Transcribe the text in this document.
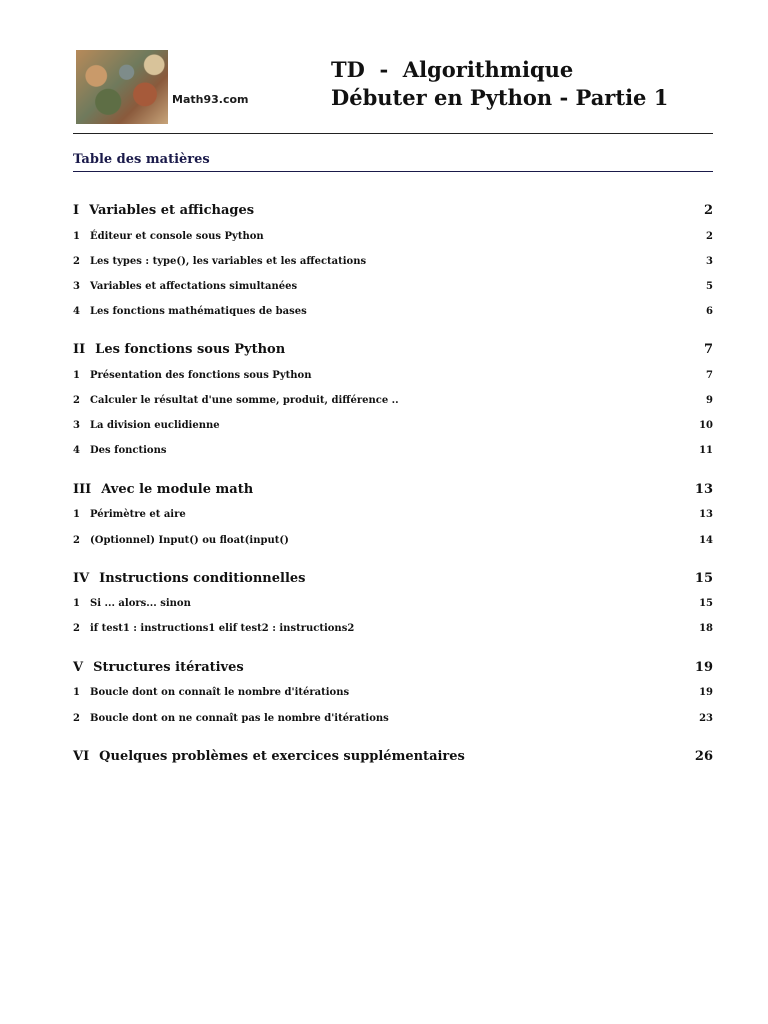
Math93.com
TD  -  Algorithmique
Débuter en Python - Partie 1
Table des matières
I Variables et affichages	2
1	Éditeur et console sous Python	2
2	Les types : type(), les variables et les affectations	3
3	Variables et affectations simultanées	5
4	Les fonctions mathématiques de bases	6
II Les fonctions sous Python	7
1	Présentation des fonctions sous Python	7
2	Calculer le résultat d'une somme, produit, différence ..	9
3	La division euclidienne	10
4	Des fonctions	11
III Avec le module math	13
1	Périmètre et aire	13
2	(Optionnel) Input() ou float(input()	14
IV Instructions conditionnelles	15
1	Si ... alors... sinon	15
2	if test1 : instructions1 elif test2 : instructions2	18
V Structures itératives	19
1	Boucle dont on connaît le nombre d'itérations	19
2	Boucle dont on ne connaît pas le nombre d'itérations	23
VI Quelques problèmes et exercices supplémentaires	26
